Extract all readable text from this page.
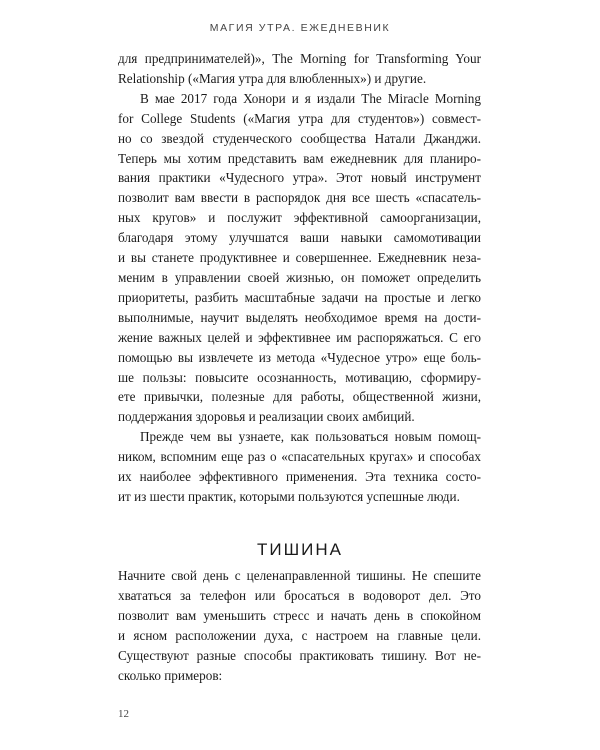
МАГИЯ УТРА. ЕЖЕДНЕВНИК
для предпринимателей)», The Morning for Transforming Your
Relationship («Магия утра для влюбленных») и другие.
В мае 2017 года Хонори и я издали The Miracle Morning
for College Students («Магия утра для студентов») совмест-
но со звездой студенческого сообщества Натали Джанджи.
Теперь мы хотим представить вам ежедневник для планиро-
вания практики «Чудесного утра». Этот новый инструмент
позволит вам ввести в распорядок дня все шесть «спасатель-
ных кругов» и послужит эффективной самоорганизации,
благодаря этому улучшатся ваши навыки самомотивации
и вы станете продуктивнее и совершеннее. Ежедневник неза-
меним в управлении своей жизнью, он поможет определить
приоритеты, разбить масштабные задачи на простые и легко
выполнимые, научит выделять необходимое время на дости-
жение важных целей и эффективнее им распоряжаться. С его
помощью вы извлечете из метода «Чудесное утро» еще боль-
ше пользы: повысите осознанность, мотивацию, сформиру-
ете привычки, полезные для работы, общественной жизни,
поддержания здоровья и реализации своих амбиций.
Прежде чем вы узнаете, как пользоваться новым помощ-
ником, вспомним еще раз о «спасательных кругах» и способах
их наиболее эффективного применения. Эта техника состо-
ит из шести практик, которыми пользуются успешные люди.
ТИШИНА
Начните свой день с целенаправленной тишины. Не спешите
хвататься за телефон или бросаться в водоворот дел. Это
позволит вам уменьшить стресс и начать день в спокойном
и ясном расположении духа, с настроем на главные цели.
Существуют разные способы практиковать тишину. Вот не-
сколько примеров:
12
